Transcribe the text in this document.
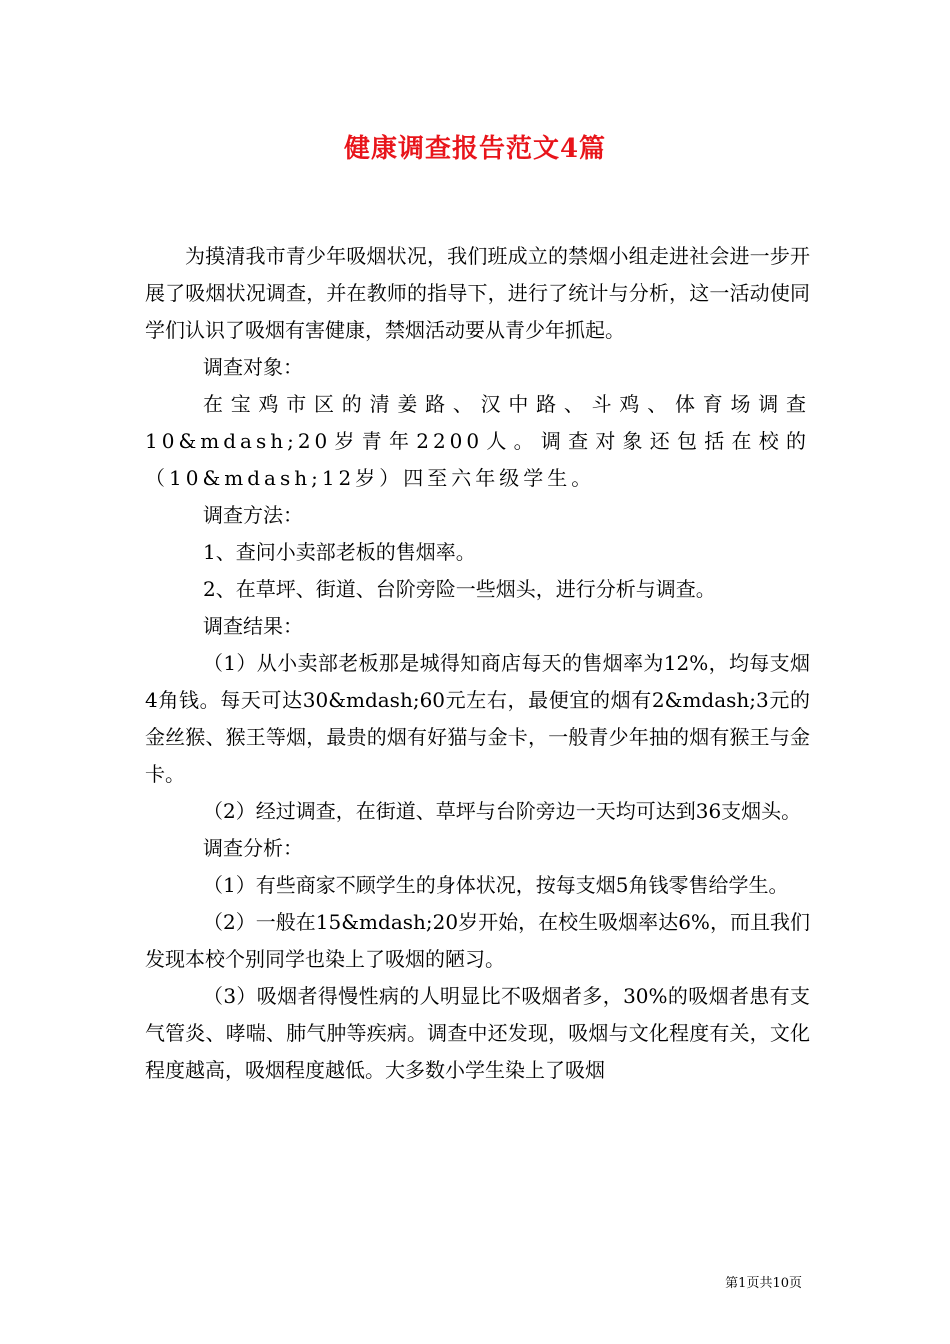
健康调查报告范文4篇

为摸清我市青少年吸烟状况，我们班成立的禁烟小组走进社会进一步开展了吸烟状况调查，并在教师的指导下，进行了统计与分析，这一活动使同学们认识了吸烟有害健康，禁烟活动要从青少年抓起。

调查对象：

在宝鸡市区的清姜路、汉中路、斗鸡、体育场调查10&mdash;20岁青年2200人。调查对象还包括在校的（10&mdash;12岁）四至六年级学生。

调查方法：

1、查问小卖部老板的售烟率。

2、在草坪、街道、台阶旁险一些烟头，进行分析与调查。

调查结果：

（1）从小卖部老板那是城得知商店每天的售烟率为12%，均每支烟4角钱。每天可达30&mdash;60元左右，最便宜的烟有2&mdash;3元的金丝猴、猴王等烟，最贵的烟有好猫与金卡，一般青少年抽的烟有猴王与金卡。

（2）经过调查，在街道、草坪与台阶旁边一天均可达到36支烟头。

调查分析：

（1）有些商家不顾学生的身体状况，按每支烟5角钱零售给学生。

（2）一般在15&mdash;20岁开始，在校生吸烟率达6%，而且我们发现本校个别同学也染上了吸烟的陋习。

（3）吸烟者得慢性病的人明显比不吸烟者多，30%的吸烟者患有支气管炎、哮喘、肺气肿等疾病。调查中还发现，吸烟与文化程度有关，文化程度越高，吸烟程度越低。大多数小学生染上了吸烟

第1页共10页
